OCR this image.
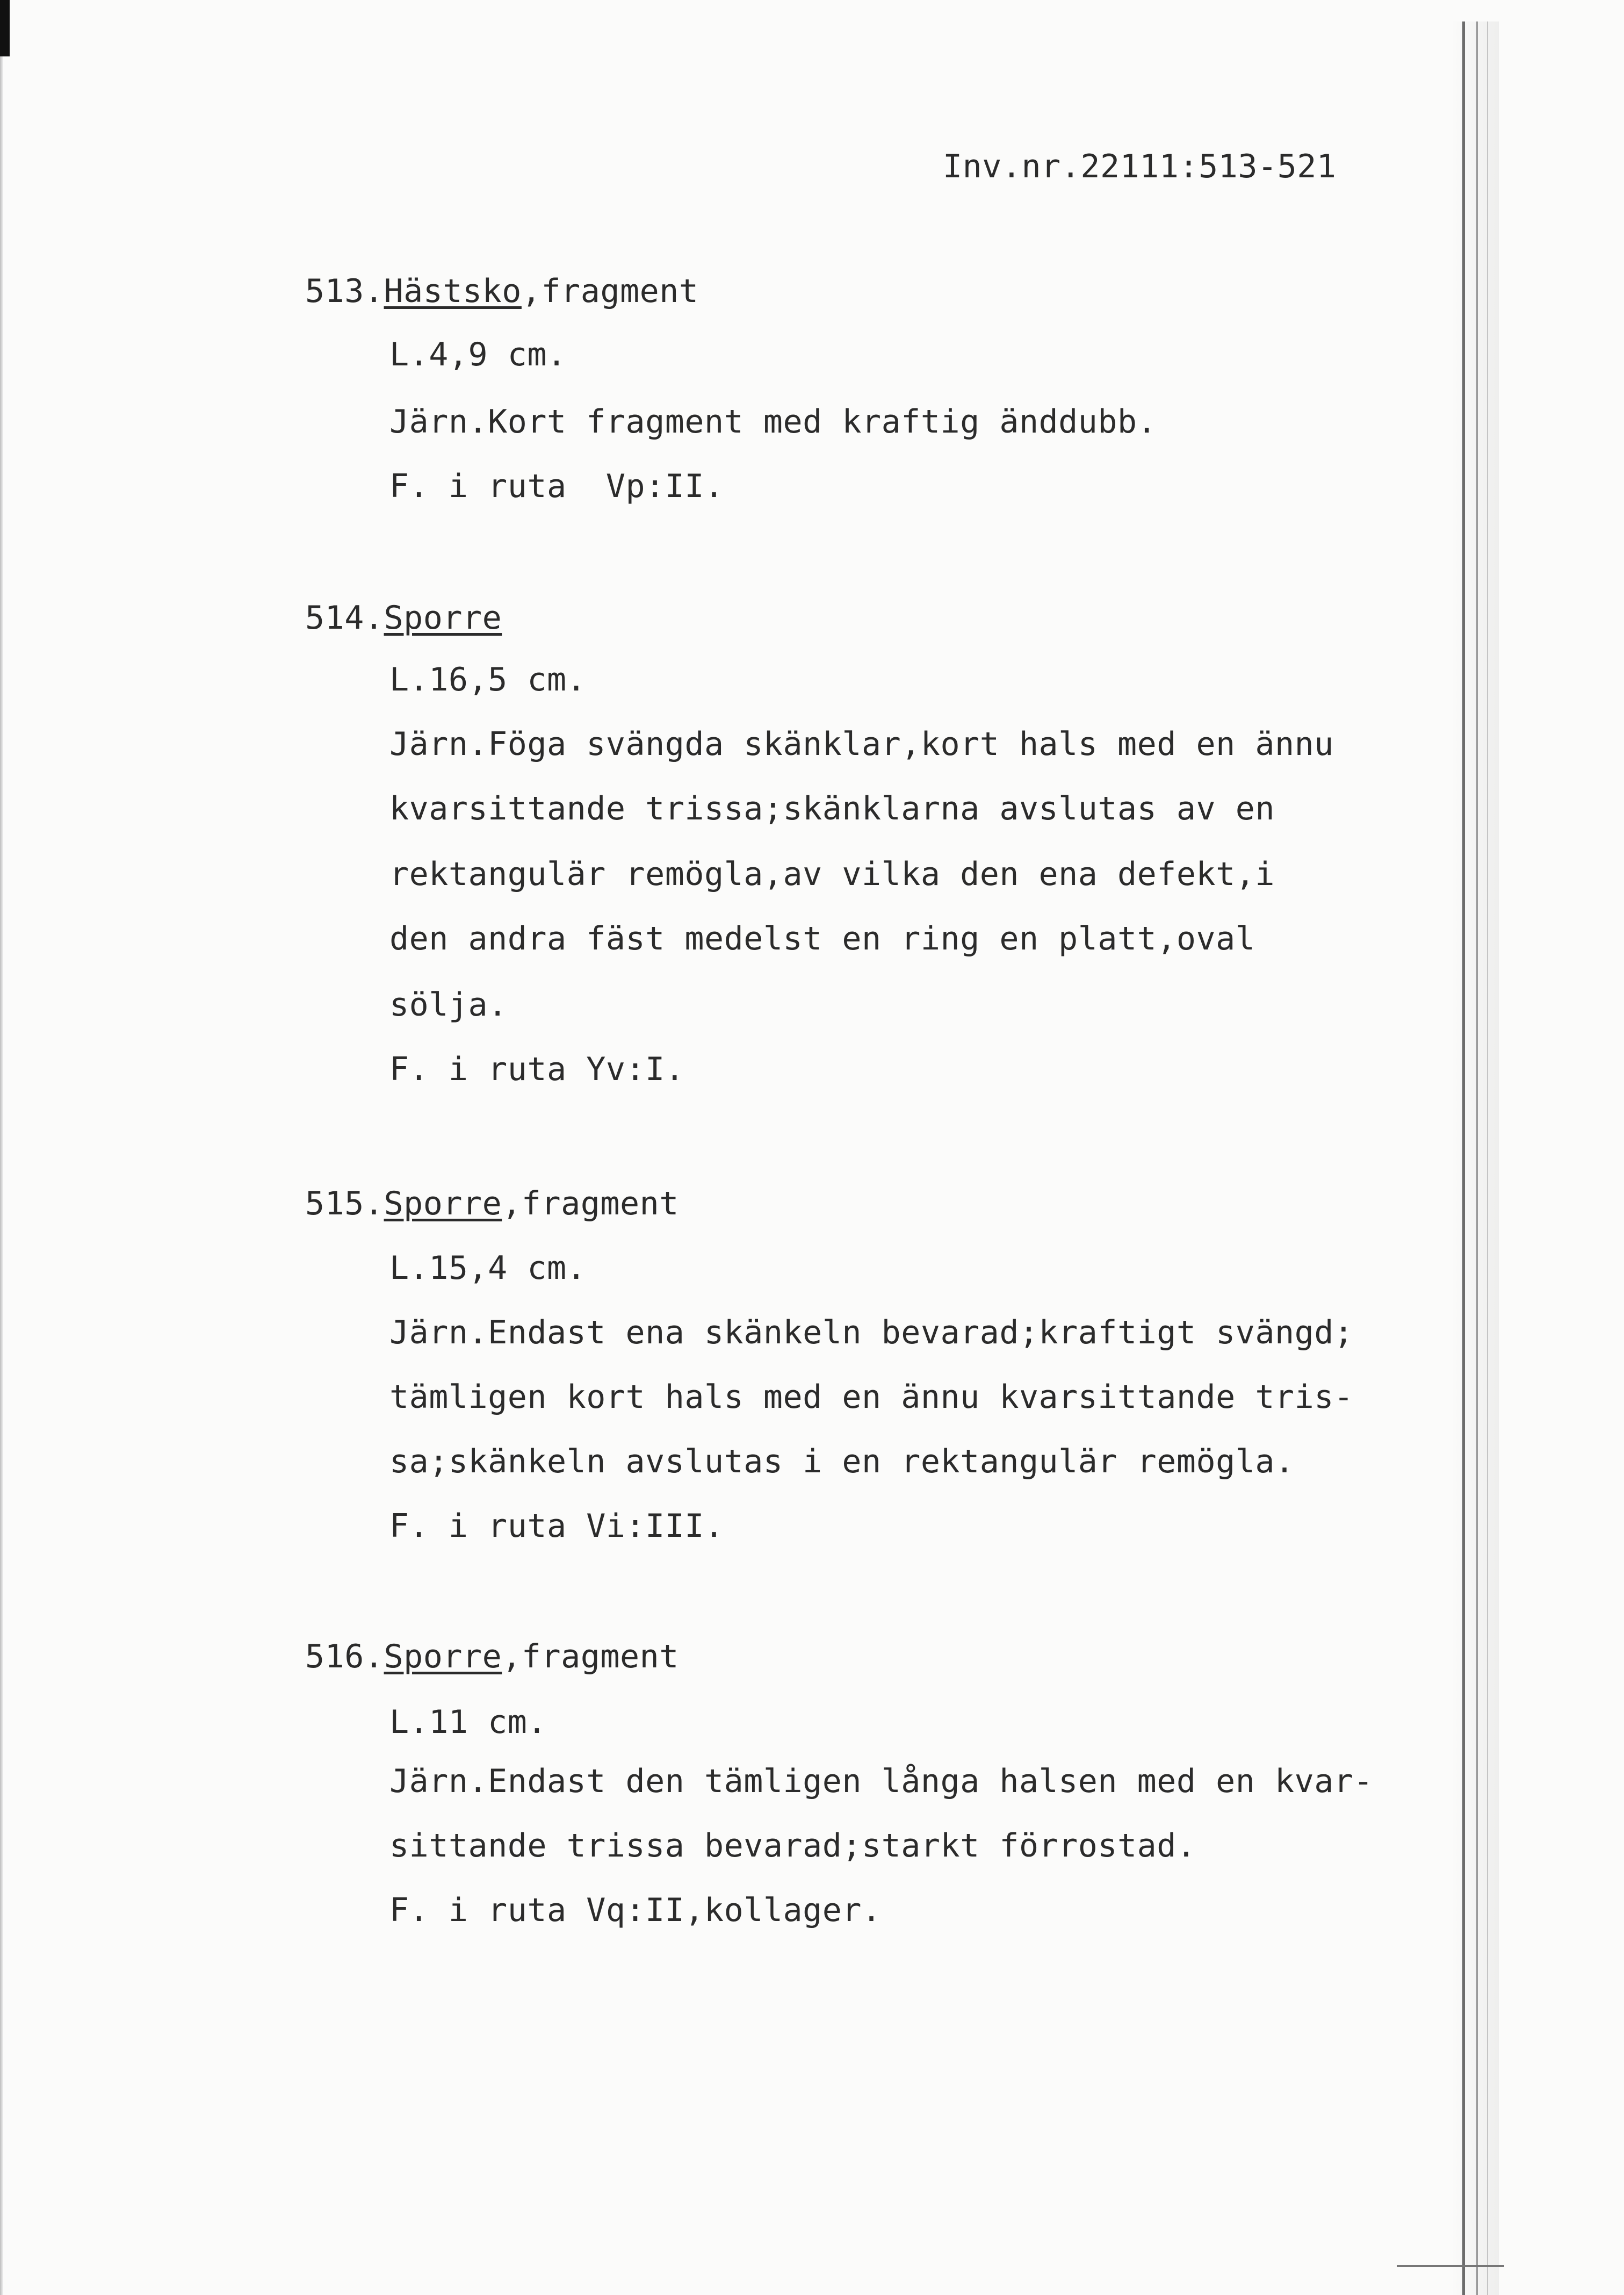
Inv.nr.22111:513-521
513.Hästsko,fragment
L.4,9 cm.
Järn.Kort fragment med kraftig änddubb.
F. i ruta  Vp:II.
514.Sporre
L.16,5 cm.
Järn.Föga svängda skänklar,kort hals med en ännu
kvarsittande trissa;skänklarna avslutas av en
rektangulär remögla,av vilka den ena defekt,i
den andra fäst medelst en ring en platt,oval
sölja.
F. i ruta Yv:I.
515.Sporre,fragment
L.15,4 cm.
Järn.Endast ena skänkeln bevarad;kraftigt svängd;
tämligen kort hals med en ännu kvarsittande tris-
sa;skänkeln avslutas i en rektangulär remögla.
F. i ruta Vi:III.
516.Sporre,fragment
L.11 cm.
Järn.Endast den tämligen långa halsen med en kvar-
sittande trissa bevarad;starkt förrostad.
F. i ruta Vq:II,kollager.
